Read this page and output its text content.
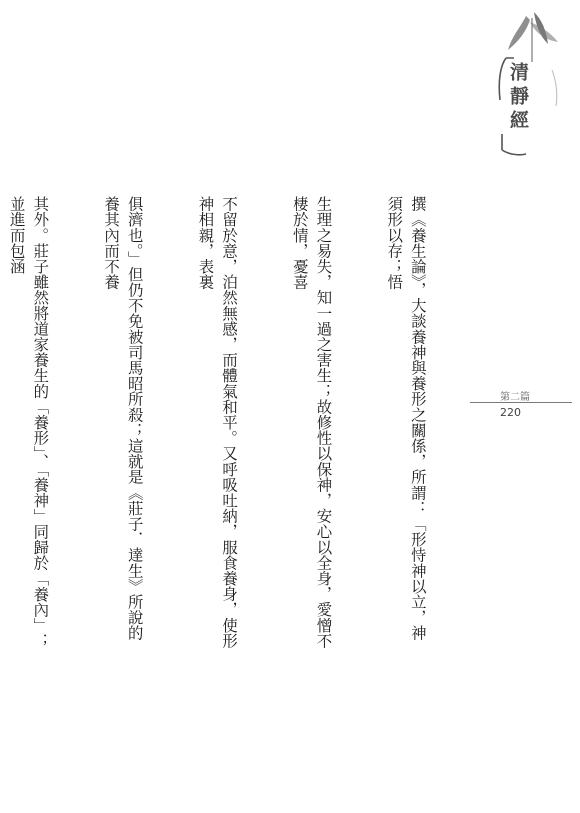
清靜經
第二篇
220

撰《養生論》，大談養神與養形之關係，所謂：「形恃神以立，神須形以存；悟

生理之易失，知一過之害生；故修性以保神，安心以全身，愛憎不棲於情，憂喜

不留於意，泊然無感，而體氣和平。又呼吸吐納，服食養身，使形神相親，表裏

俱濟也。」但仍不免被司馬昭所殺；這就是《莊子．達生》所說的養其內而不養

其外。莊子雖然將道家養生的「養形」、「養神」同歸於「養內」；並進而包涵
